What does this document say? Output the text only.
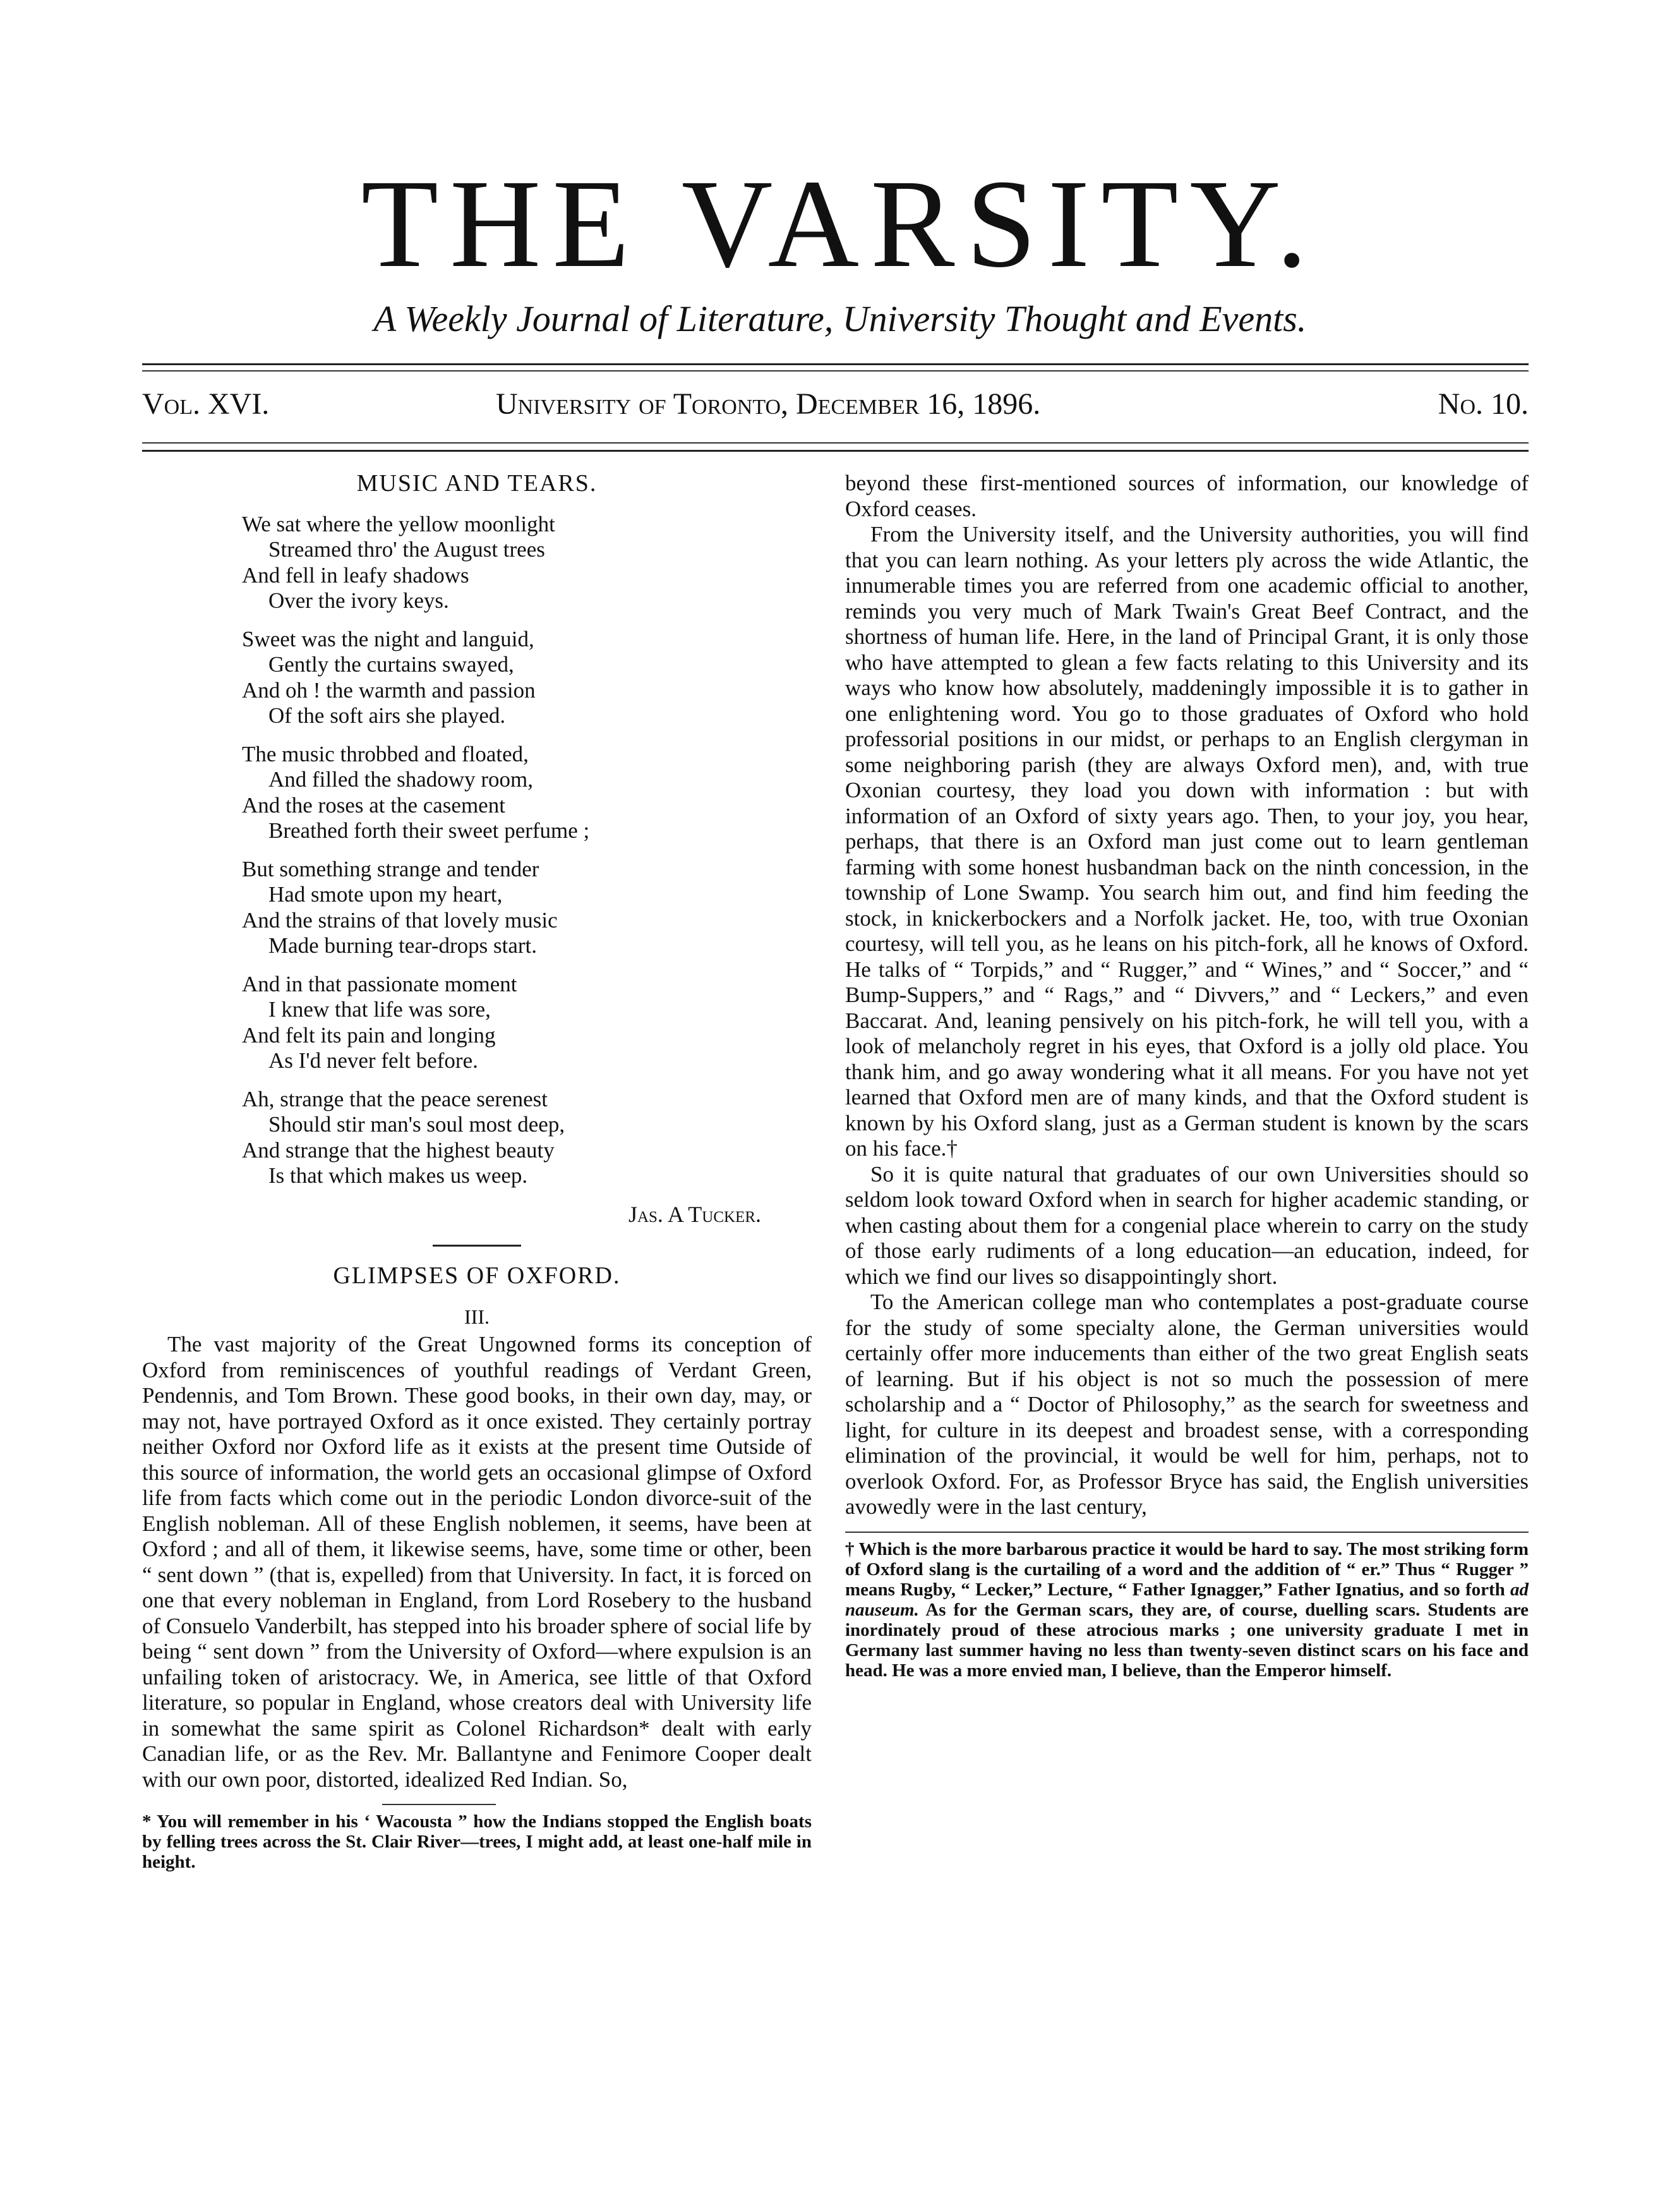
THE VARSITY.
A Weekly Journal of Literature, University Thought and Events.
Vol. XVI.	University of Toronto, December 16, 1896.	No. 10.
MUSIC AND TEARS.
We sat where the yellow moonlight
Streamed thro' the August trees
And fell in leafy shadows
Over the ivory keys.
Sweet was the night and languid,
Gently the curtains swayed,
And oh ! the warmth and passion
Of the soft airs she played.
The music throbbed and floated,
And filled the shadowy room,
And the roses at the casement
Breathed forth their sweet perfume ;
But something strange and tender
Had smote upon my heart,
And the strains of that lovely music
Made burning tear-drops start.
And in that passionate moment
I knew that life was sore,
And felt its pain and longing
As I'd never felt before.
Ah, strange that the peace serenest
Should stir man's soul most deep,
And strange that the highest beauty
Is that which makes us weep.
Jas. A Tucker.
GLIMPSES OF OXFORD.
III.

The vast majority of the Great Ungowned forms its conception of Oxford from reminiscences of youthful readings of Verdant Green, Pendennis, and Tom Brown. These good books, in their own day, may, or may not, have portrayed Oxford as it once existed. They certainly portray neither Oxford nor Oxford life as it exists at the present time Outside of this source of information, the world gets an occasional glimpse of Oxford life from facts which come out in the periodic London divorce-suit of the English nobleman. All of these English noblemen, it seems, have been at Oxford ; and all of them, it likewise seems, have, some time or other, been “ sent down ” (that is, expelled) from that University. In fact, it is forced on one that every nobleman in England, from Lord Rosebery to the husband of Consuelo Vanderbilt, has stepped into his broader sphere of social life by being “ sent down ” from the University of Oxford—where expulsion is an unfailing token of aristocracy. We, in America, see little of that Oxford literature, so popular in England, whose creators deal with University life in somewhat the same spirit as Colonel Richardson* dealt with early Canadian life, or as the Rev. Mr. Ballantyne and Fenimore Cooper dealt with our own poor, distorted, idealized Red Indian. So,

* You will remember in his ‘ Wacousta ” how the Indians stopped the English boats by felling trees across the St. Clair River—trees, I might add, at least one-half mile in height.

beyond these first-mentioned sources of information, our knowledge of Oxford ceases.

From the University itself, and the University authorities, you will find that you can learn nothing. As your letters ply across the wide Atlantic, the innumerable times you are referred from one academic official to another, reminds you very much of Mark Twain's Great Beef Contract, and the shortness of human life. Here, in the land of Principal Grant, it is only those who have attempted to glean a few facts relating to this University and its ways who know how absolutely, maddeningly impossible it is to gather in one enlightening word. You go to those graduates of Oxford who hold professorial positions in our midst, or perhaps to an English clergyman in some neighboring parish (they are always Oxford men), and, with true Oxonian courtesy, they load you down with information : but with information of an Oxford of sixty years ago. Then, to your joy, you hear, perhaps, that there is an Oxford man just come out to learn gentleman farming with some honest husbandman back on the ninth concession, in the township of Lone Swamp. You search him out, and find him feeding the stock, in knickerbockers and a Norfolk jacket. He, too, with true Oxonian courtesy, will tell you, as he leans on his pitch-fork, all he knows of Oxford. He talks of “ Torpids,” and “ Rugger,” and “ Wines,” and “ Soccer,” and “ Bump-Suppers,” and “ Rags,” and “ Divvers,” and “ Leckers,” and even Baccarat. And, leaning pensively on his pitch-fork, he will tell you, with a look of melancholy regret in his eyes, that Oxford is a jolly old place. You thank him, and go away wondering what it all means. For you have not yet learned that Oxford men are of many kinds, and that the Oxford student is known by his Oxford slang, just as a German student is known by the scars on his face.†

So it is quite natural that graduates of our own Universities should so seldom look toward Oxford when in search for higher academic standing, or when casting about them for a congenial place wherein to carry on the study of those early rudiments of a long education—an education, indeed, for which we find our lives so disappointingly short.

To the American college man who contemplates a post-graduate course for the study of some specialty alone, the German universities would certainly offer more inducements than either of the two great English seats of learning. But if his object is not so much the possession of mere scholarship and a “ Doctor of Philosophy,” as the search for sweetness and light, for culture in its deepest and broadest sense, with a corresponding elimination of the provincial, it would be well for him, perhaps, not to overlook Oxford. For, as Professor Bryce has said, the English universities avowedly were in the last century,

† Which is the more barbarous practice it would be hard to say. The most striking form of Oxford slang is the curtailing of a word and the addition of “ er.” Thus “ Rugger ” means Rugby, “ Lecker,” Lecture, “ Father Ignagger,” Father Ignatius, and so forth ad nauseum. As for the German scars, they are, of course, duelling scars. Students are inordinately proud of these atrocious marks ; one university graduate I met in Germany last summer having no less than twenty-seven distinct scars on his face and head. He was a more envied man, I believe, than the Emperor himself.
